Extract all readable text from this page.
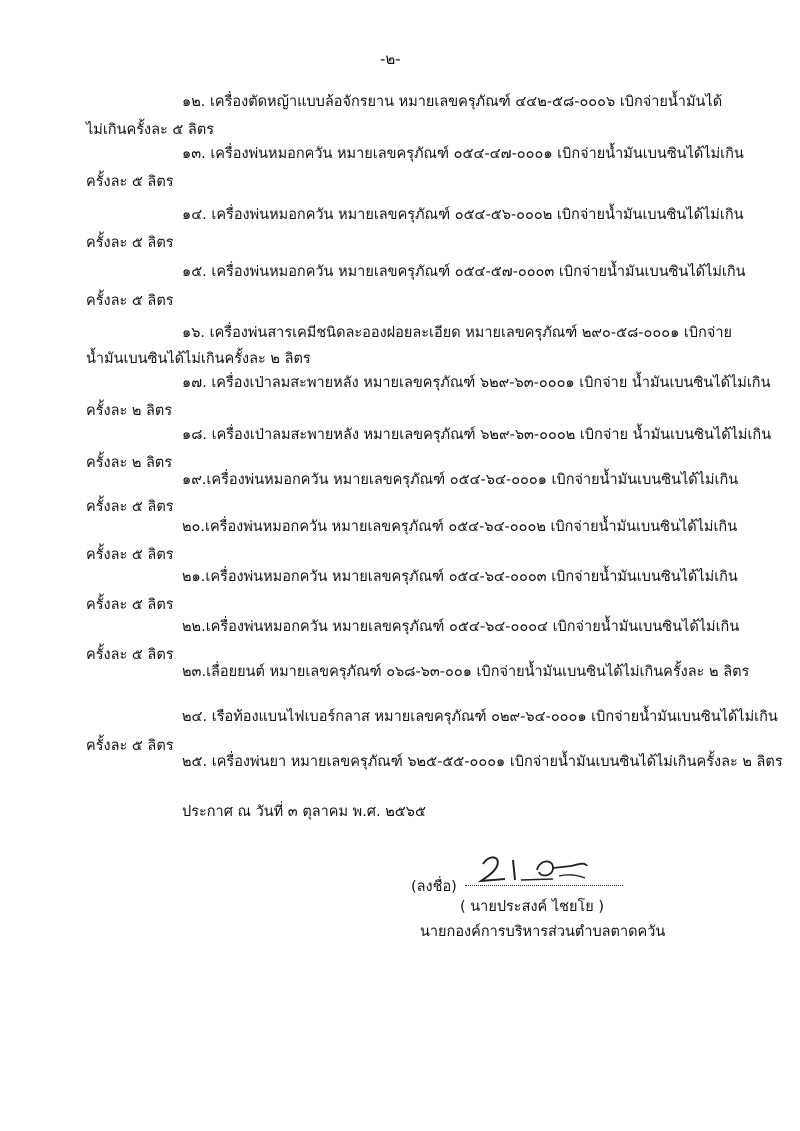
-๒-
๑๒. เครื่องตัดหญ้าแบบล้อจักรยาน หมายเลขครุภัณฑ์ ๔๔๒-๕๘-๐๐๐๖ เบิกจ่ายน้ำมันได้
ไม่เกินครั้งละ ๕ ลิตร
๑๓. เครื่องพ่นหมอกควัน หมายเลขครุภัณฑ์ ๐๕๔-๔๗-๐๐๐๑ เบิกจ่ายน้ำมันเบนซินได้ไม่เกิน
ครั้งละ ๕ ลิตร
๑๔. เครื่องพ่นหมอกควัน หมายเลขครุภัณฑ์ ๐๕๔-๕๖-๐๐๐๒ เบิกจ่ายน้ำมันเบนซินได้ไม่เกิน
ครั้งละ ๕ ลิตร
๑๕. เครื่องพ่นหมอกควัน หมายเลขครุภัณฑ์ ๐๕๔-๕๗-๐๐๐๓ เบิกจ่ายน้ำมันเบนซินได้ไม่เกิน
ครั้งละ ๕ ลิตร
๑๖. เครื่องพ่นสารเคมีชนิดละอองฝอยละเอียด หมายเลขครุภัณฑ์ ๒๙๐-๕๘-๐๐๐๑ เบิกจ่าย
น้ำมันเบนซินได้ไม่เกินครั้งละ ๒ ลิตร
๑๗. เครื่องเป่าลมสะพายหลัง หมายเลขครุภัณฑ์ ๖๒๙-๖๓-๐๐๐๑ เบิกจ่าย น้ำมันเบนซินได้ไม่เกิน
ครั้งละ ๒ ลิตร
๑๘. เครื่องเป่าลมสะพายหลัง หมายเลขครุภัณฑ์ ๖๒๙-๖๓-๐๐๐๒ เบิกจ่าย น้ำมันเบนซินได้ไม่เกิน
ครั้งละ ๒ ลิตร
๑๙.เครื่องพ่นหมอกควัน หมายเลขครุภัณฑ์ ๐๕๔-๖๔-๐๐๐๑ เบิกจ่ายน้ำมันเบนซินได้ไม่เกิน
ครั้งละ ๕ ลิตร
๒๐.เครื่องพ่นหมอกควัน หมายเลขครุภัณฑ์ ๐๕๔-๖๔-๐๐๐๒ เบิกจ่ายน้ำมันเบนซินได้ไม่เกิน
ครั้งละ ๕ ลิตร
๒๑.เครื่องพ่นหมอกควัน หมายเลขครุภัณฑ์ ๐๕๔-๖๔-๐๐๐๓ เบิกจ่ายน้ำมันเบนซินได้ไม่เกิน
ครั้งละ ๕ ลิตร
๒๒.เครื่องพ่นหมอกควัน หมายเลขครุภัณฑ์ ๐๕๔-๖๔-๐๐๐๔ เบิกจ่ายน้ำมันเบนซินได้ไม่เกิน
ครั้งละ ๕ ลิตร
๒๓.เลื่อยยนต์ หมายเลขครุภัณฑ์ ๐๖๘-๖๓-๐๐๑ เบิกจ่ายน้ำมันเบนซินได้ไม่เกินครั้งละ ๒ ลิตร
๒๔. เรือท้องแบนไฟเบอร์กลาส หมายเลขครุภัณฑ์ ๐๒๙-๖๔-๐๐๐๑ เบิกจ่ายน้ำมันเบนซินได้ไม่เกิน
ครั้งละ ๕ ลิตร
๒๕. เครื่องพ่นยา หมายเลขครุภัณฑ์ ๖๒๕-๕๕-๐๐๐๑ เบิกจ่ายน้ำมันเบนซินได้ไม่เกินครั้งละ ๒ ลิตร
ประกาศ ณ วันที่ ๓ ตุลาคม พ.ศ. ๒๕๖๕
(ลงชื่อ)
( นายประสงค์ ไชยโย )
นายกองค์การบริหารส่วนตำบลตาดควัน
